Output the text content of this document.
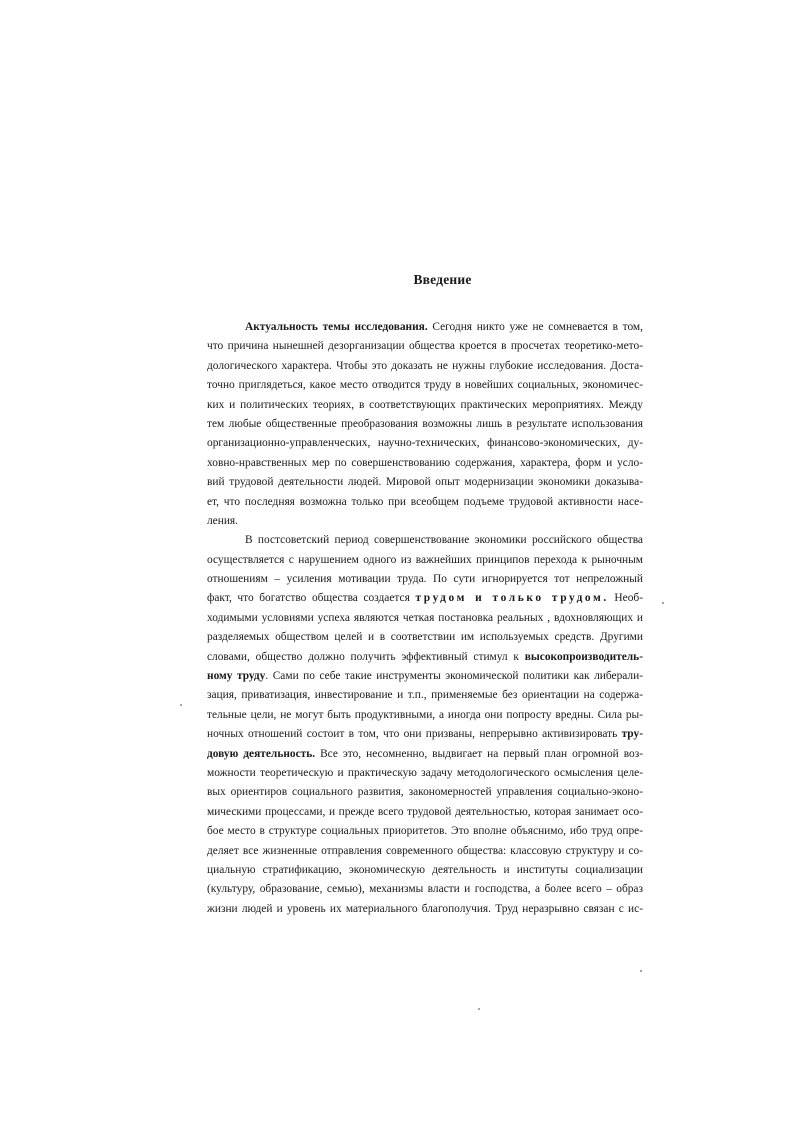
Введение
Актуальность темы исследования. Сегодня никто уже не сомневается в том,
что причина нынешней дезорганизации общества кроется в просчетах теоретико-мето-
дологического характера. Чтобы это доказать не нужны глубокие исследования. Доста-
точно приглядеться, какое место отводится труду в новейших социальных, экономичес-
ких и политических теориях, в соответствующих практических мероприятиях. Между
тем любые общественные преобразования возможны лишь в результате использования
организационно-управленческих, научно-технических, финансово-экономических, ду-
ховно-нравственных мер по совершенствованию содержания, характера, форм и усло-
вий трудовой деятельности людей. Мировой опыт модернизации экономики доказыва-
ет, что последняя возможна только при всеобщем подъеме трудовой активности насе-
ления.
В постсоветский период совершенствование экономики российского общества
осуществляется с нарушением одного из важнейших принципов перехода к рыночным
отношениям – усиления мотивации труда. По сути игнорируется тот непреложный
факт, что богатство общества создается трудом и только трудом. Необ-
ходимыми условиями успеха являются четкая постановка реальных , вдохновляющих и
разделяемых обществом целей и в соответствии им используемых средств. Другими
словами, общество должно получить эффективный стимул к высокопроизводитель-
ному труду. Сами по себе такие инструменты экономической политики как либерали-
зация, приватизация, инвестирование и т.п., применяемые без ориентации на содержа-
тельные цели, не могут быть продуктивными, а иногда они попросту вредны. Сила ры-
ночных отношений состоит в том, что они призваны, непрерывно активизировать тру-
довую деятельность. Все это, несомненно, выдвигает на первый план огромной воз-
можности теоретическую и практическую задачу методологического осмысления целе-
вых ориентиров социального развития, закономерностей управления социально-эконо-
мическими процессами, и прежде всего трудовой деятельностью, которая занимает осо-
бое место в структуре социальных приоритетов. Это вполне объяснимо, ибо труд опре-
деляет все жизненные отправления современного общества: классовую структуру и со-
циальную стратификацию, экономическую деятельность и институты социализации
(культуру, образование, семью), механизмы власти и господства, а более всего – образ
жизни людей и уровень их материального благополучия. Труд неразрывно связан с ис-
